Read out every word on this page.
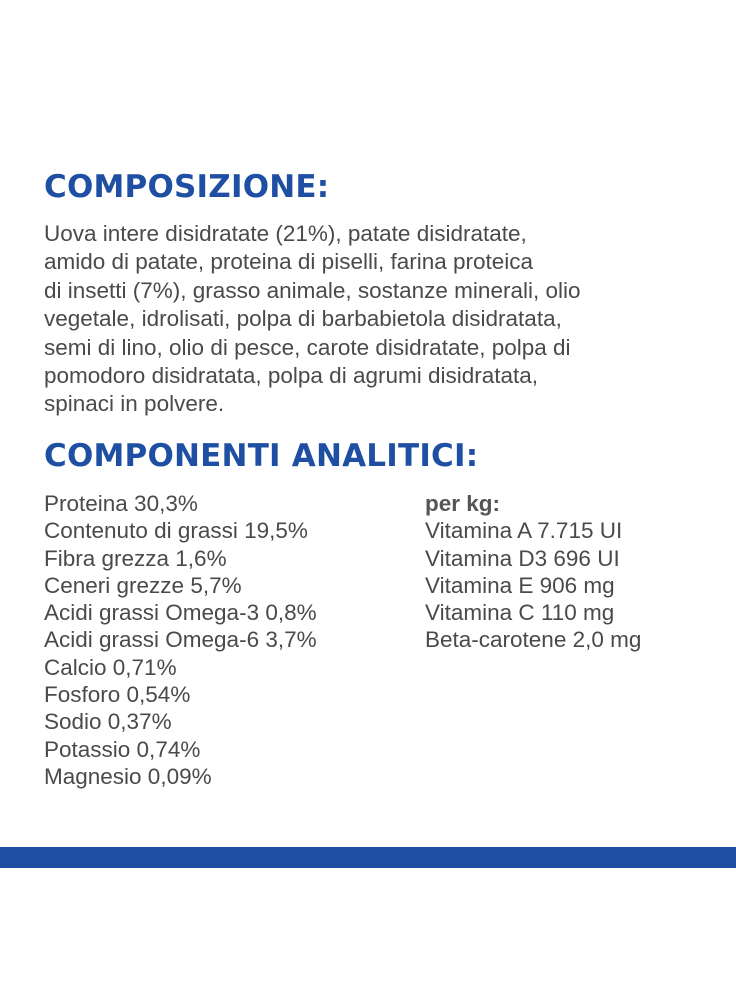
COMPOSIZIONE:

Uova intere disidratate (21%), patate disidratate,
amido di patate, proteina di piselli, farina proteica
di insetti (7%), grasso animale, sostanze minerali, olio
vegetale, idrolisati, polpa di barbabietola disidratata,
semi di lino, olio di pesce, carote disidratate, polpa di
pomodoro disidratata, polpa di agrumi disidratata,
spinaci in polvere.

COMPONENTI ANALITICI:
Proteina 30,3%
Contenuto di grassi 19,5%
Fibra grezza 1,6%
Ceneri grezze 5,7%
Acidi grassi Omega-3 0,8%
Acidi grassi Omega-6 3,7%
Calcio 0,71%
Fosforo 0,54%
Sodio 0,37%
Potassio 0,74%
Magnesio 0,09%
per kg:
Vitamina A 7.715 UI
Vitamina D3 696 UI
Vitamina E 906 mg
Vitamina C 110 mg
Beta-carotene 2,0 mg
